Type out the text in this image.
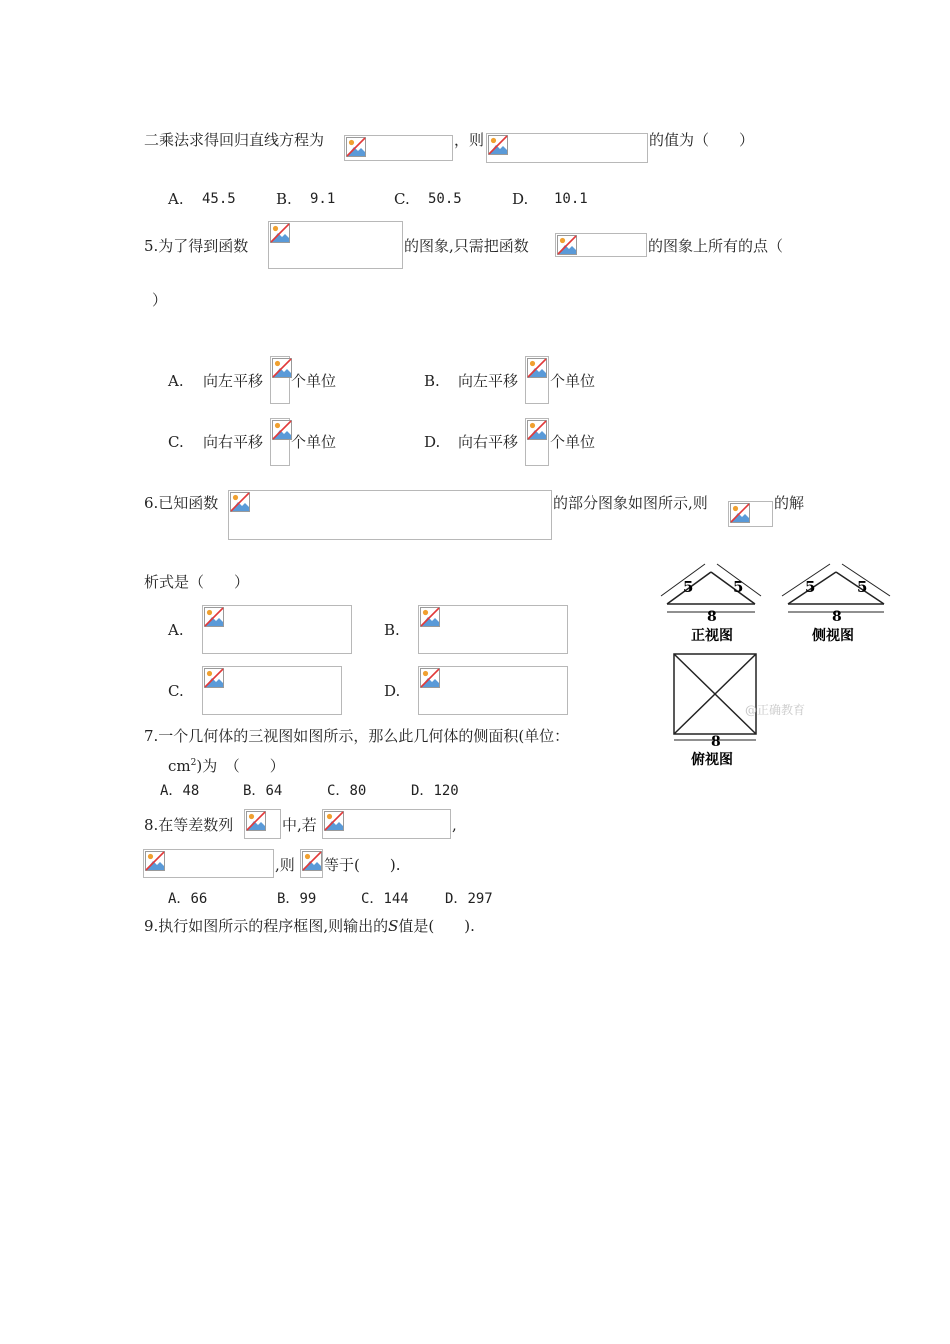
二乘法求得回归直线方程为	，则	的值为（　　）
A. 45.5	B. 9.1	C. 50.5	D. 10.1
5.为了得到函数	的图象,只需把函数	的图象上所有的点（
）
A. 向左平移 个单位	B. 向左平移 个单位
C. 向右平移 个单位	D. 向右平移 个单位
6.已知函数	的部分图象如图所示,则	的解
析式是（　　）
A.	B.
C.	D.
5	5
8
正视图
5	5
8
侧视图
8
俯视图
@正确教育
7.一个几何体的三视图如图所示，那么此几何体的侧面积(单位：
$cm^2$)为　（　　）
A．48	B．64	C．80	D．120
8.在等差数列	中,若	,
,则 等于(　　).
A．66	B．99	C．144	D．297
9.执行如图所示的程序框图,则输出的S值是(　　).
